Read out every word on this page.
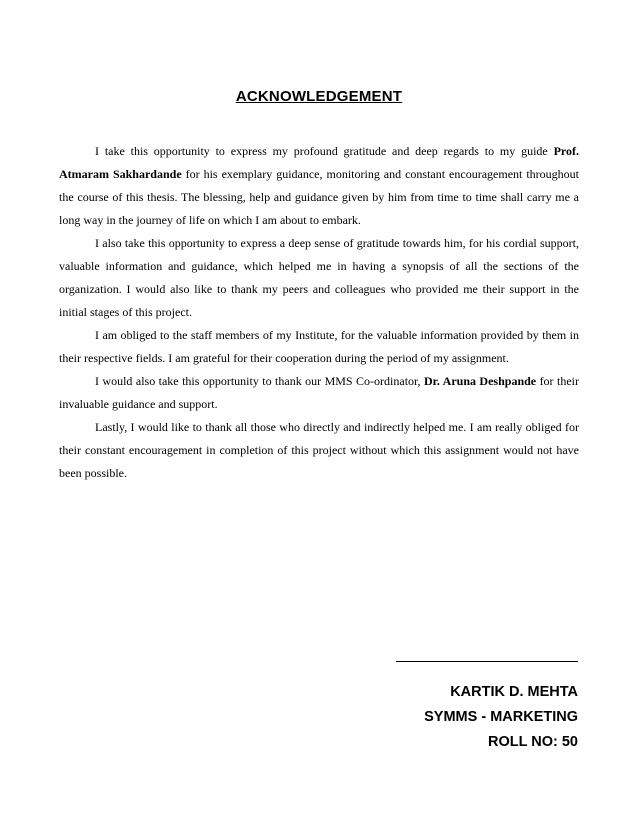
ACKNOWLEDGEMENT

I take this opportunity to express my profound gratitude and deep regards to my guide Prof. Atmaram Sakhardande for his exemplary guidance, monitoring and constant encouragement throughout the course of this thesis. The blessing, help and guidance given by him from time to time shall carry me a long way in the journey of life on which I am about to embark.

I also take this opportunity to express a deep sense of gratitude towards him, for his cordial support, valuable information and guidance, which helped me in having a synopsis of all the sections of the organization. I would also like to thank my peers and colleagues who provided me their support in the initial stages of this project.

I am obliged to the staff members of my Institute, for the valuable information provided by them in their respective fields. I am grateful for their cooperation during the period of my assignment.

I would also take this opportunity to thank our MMS Co-ordinator, Dr. Aruna Deshpande for their invaluable guidance and support.

Lastly, I would like to thank all those who directly and indirectly helped me. I am really obliged for their constant encouragement in completion of this project without which this assignment would not have been possible.

KARTIK D. MEHTA
SYMMS - MARKETING
ROLL NO: 50
